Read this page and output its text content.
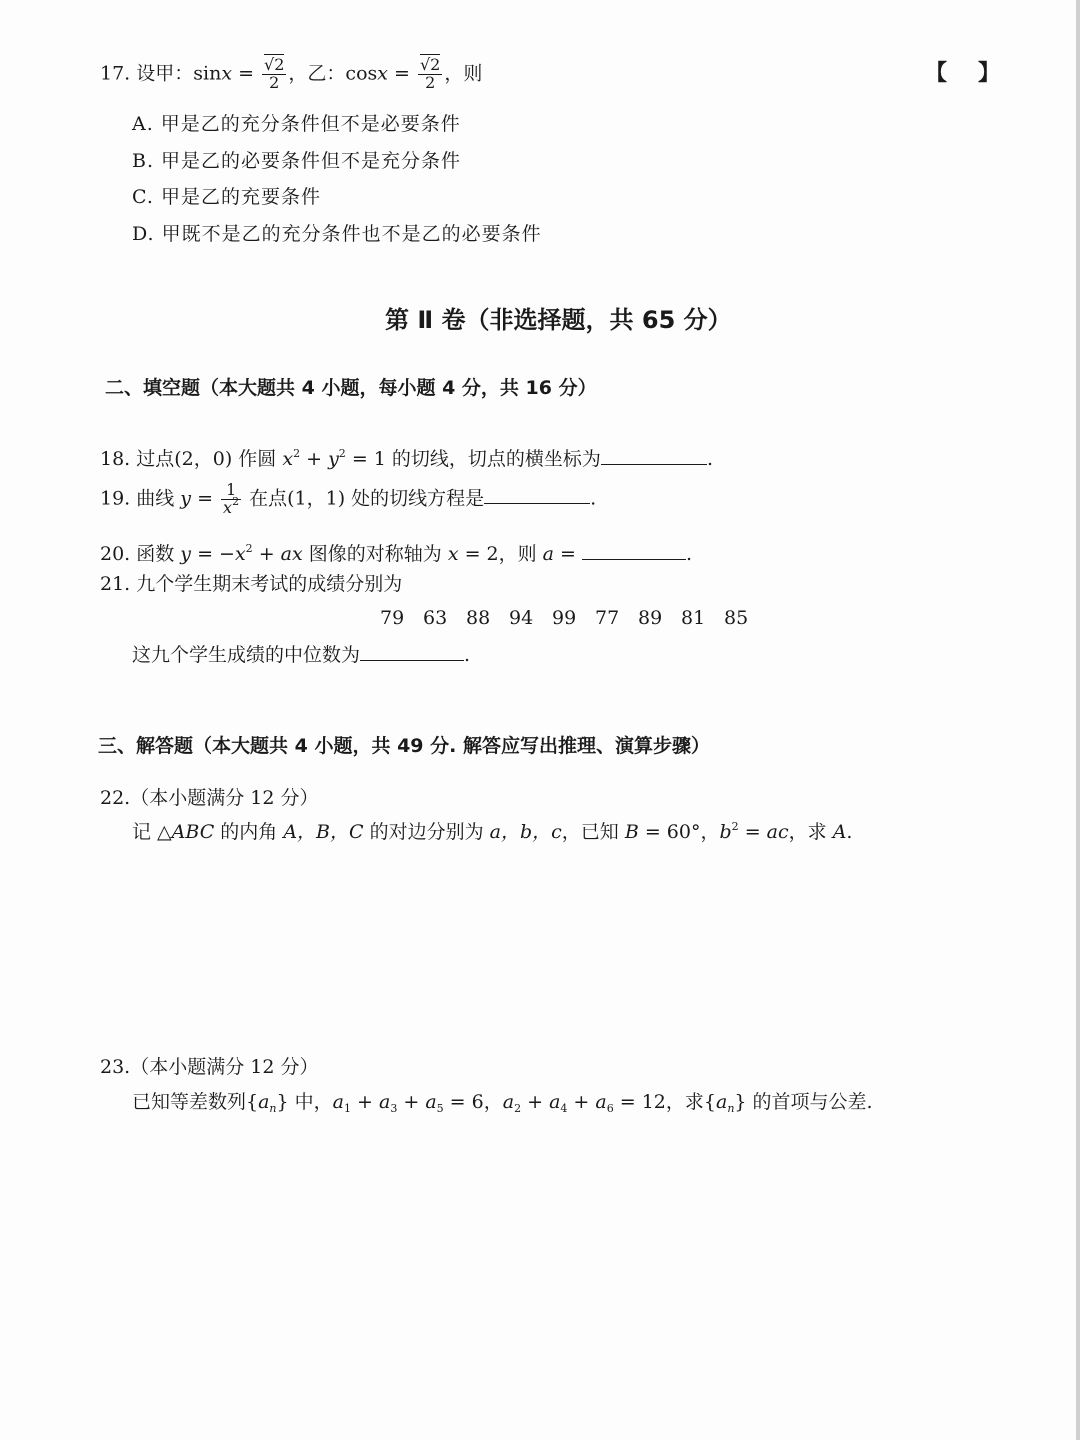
17. 设甲：$\sin x = \frac{√2}{2}$ ，乙：$\cos x = \frac{√2}{2}$ ，则	【 】
A. 甲是乙的充分条件但不是必要条件
B. 甲是乙的必要条件但不是充分条件
C. 甲是乙的充要条件
D. 甲既不是乙的充分条件也不是乙的必要条件
第 Ⅱ 卷（非选择题，共 65 分）
二、填空题（本大题共 4 小题，每小题 4 分，共 16 分）
18. 过点(2，0) 作圆 $x^2 + y^2 = 1$ 的切线，切点的横坐标为	.
19. 曲线 $y = \frac{1}{x^2}$ 在点(1，1) 处的切线方程是	.
20. 函数 $y = -x^2$ + ax 图像的对称轴为 x = 2，则 a =	.
21. 九个学生期末考试的成绩分别为
79 63 88 94 99 77 89 81 85
这九个学生成绩的中位数为	.
三、解答题（本大题共 4 小题，共 49 分. 解答应写出推理、演算步骤）
22.（本小题满分 12 分）
记 △ABC 的内角 A，B，C 的对边分别为 a，b，c，已知 B = 60°，$b^2$ = ac，求 A.
23.（本小题满分 12 分）
已知等差数列$\{a_n\}$ 中，$a_1 + a_3 + a_5 = 6$，$a_2 + a_4 + a_6 = 12$，求$\{a_n\}$ 的首项与公差.
